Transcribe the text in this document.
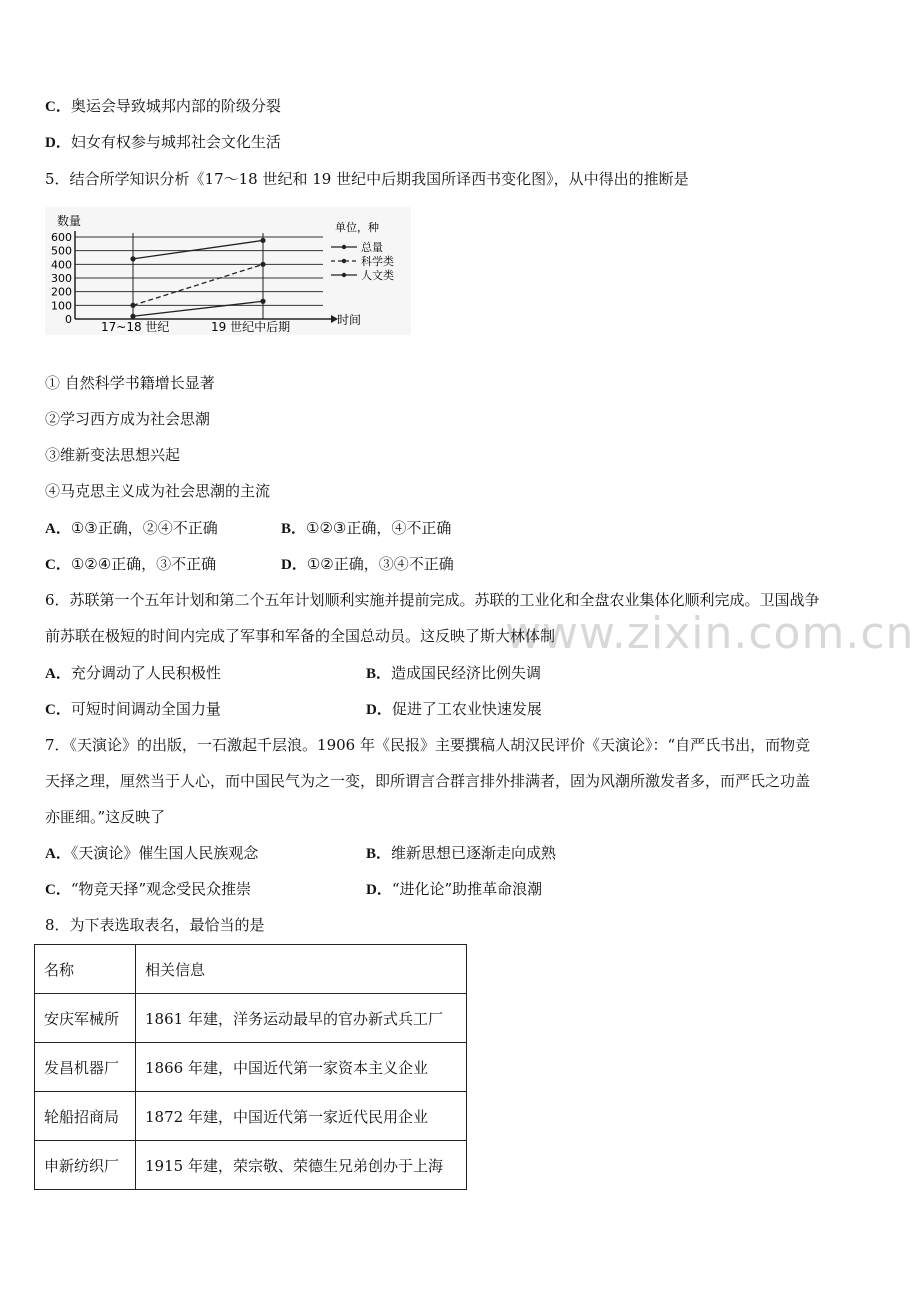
www.zixin.com.cn
C．奥运会导致城邦内部的阶级分裂
D．妇女有权参与城邦社会文化生活
5．结合所学知识分析《17～18 世纪和 19 世纪中后期我国所译西书变化图》，从中得出的推断是
600
500
400
300
200
100
0
总量
科学类
人文类
数量	单位，种
时间
17~18 世纪	19 世纪中后期
① 自然科学书籍增长显著
②学习西方成为社会思潮
③维新变法思想兴起
④马克思主义成为社会思潮的主流
A．①③正确，②④不正确	B．①②③正确，④不正确
C．①②④正确，③不正确	D．①②正确，③④不正确
6．苏联第一个五年计划和第二个五年计划顺利实施并提前完成。苏联的工业化和全盘农业集体化顺利完成。卫国战争
前苏联在极短的时间内完成了军事和军备的全国总动员。这反映了斯大林体制
A．充分调动了人民积极性	B．造成国民经济比例失调
C．可短时间调动全国力量	D．促进了工农业快速发展
7．《天演论》的出版，一石激起千层浪。1906 年《民报》主要撰稿人胡汉民评价《天演论》：“自严氏书出，而物竞
天择之理，厘然当于人心，而中国民气为之一变，即所谓言合群言排外排满者，固为风潮所激发者多，而严氏之功盖
亦匪细。”这反映了
A．《天演论》催生国人民族观念	B．维新思想已逐渐走向成熟
C．“物竞天择”观念受民众推崇	D．“进化论”助推革命浪潮
8．为下表选取表名，最恰当的是
名称	相关信息
安庆军械所	1861 年建，洋务运动最早的官办新式兵工厂
发昌机器厂	1866 年建，中国近代第一家资本主义企业
轮船招商局	1872 年建，中国近代第一家近代民用企业
申新纺织厂	1915 年建，荣宗敬、荣德生兄弟创办于上海
